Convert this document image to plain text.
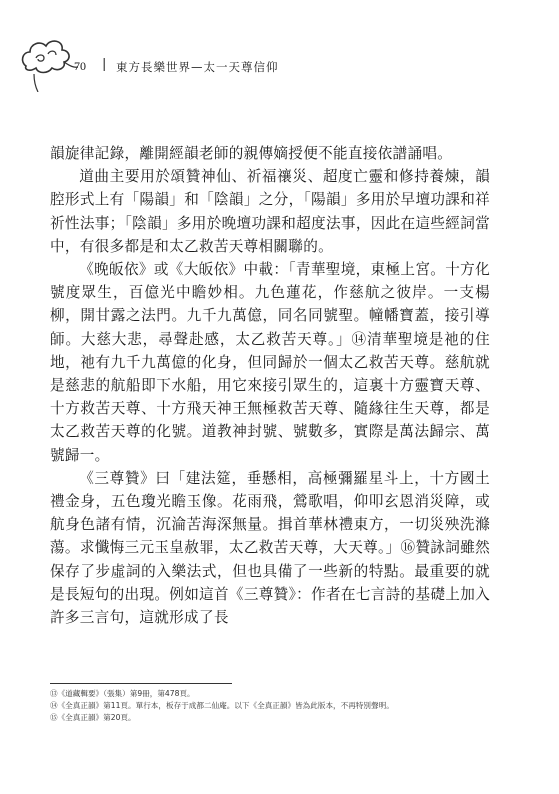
70 | 東方長樂世界—太一天尊信仰

韻旋律記錄，離開經韻老師的親傳嫡授便不能直接依譜誦唱。

道曲主要用於頌贊神仙、祈福禳災、超度亡靈和修持養煉，韻腔形式上有「陽韻」和「陰韻」之分，「陽韻」多用於早壇功課和祥祈性法事；「陰韻」多用於晚壇功課和超度法事，因此在這些經詞當中，有很多都是和太乙救苦天尊相關聯的。

《晚皈依》或《大皈依》中載：「青華聖境，東極上宮。十方化號度眾生，百億光中瞻妙相。九色蓮花，作慈航之彼岸。一支楊柳，開甘露之法門。九千九萬億，同名同號聖。幢幡寶蓋，接引導師。大慈大悲，尋聲赴感，太乙救苦天尊。」⑭清華聖境是祂的住地，祂有九千九萬億的化身，但同歸於一個太乙救苦天尊。慈航就是慈悲的航船即下水船，用它來接引眾生的，這裏十方靈寶天尊、十方救苦天尊、十方飛天神王無極救苦天尊、隨緣往生天尊，都是太乙救苦天尊的化號。道教神封號、號數多，實際是萬法歸宗、萬號歸一。

《三尊贊》曰「建法筵，垂懸相，高極彌羅星斗上，十方國土禮金身，五色瓊光瞻玉像。花雨飛，鶯歌唱，仰叩玄恩消災障，或航身色諸有情，沉淪苦海深無量。揖首華林禮東方，一切災殃洗滌蕩。求懺悔三元玉皇赦罪，太乙救苦天尊，大天尊。」⑯贊詠詞雖然保存了步虛詞的入樂法式，但也具備了一些新的特點。最重要的就是長短句的出現。例如這首《三尊贊》：作者在七言詩的基礎上加入許多三言句，這就形成了長

⑬《道藏輯要》（張集）第9冊，第478頁。
⑭《全真正韻》第11頁。單行本，板存于成都二仙庵。以下《全真正韻》皆為此版本，不再特別聲明。
⑮《全真正韻》第20頁。
